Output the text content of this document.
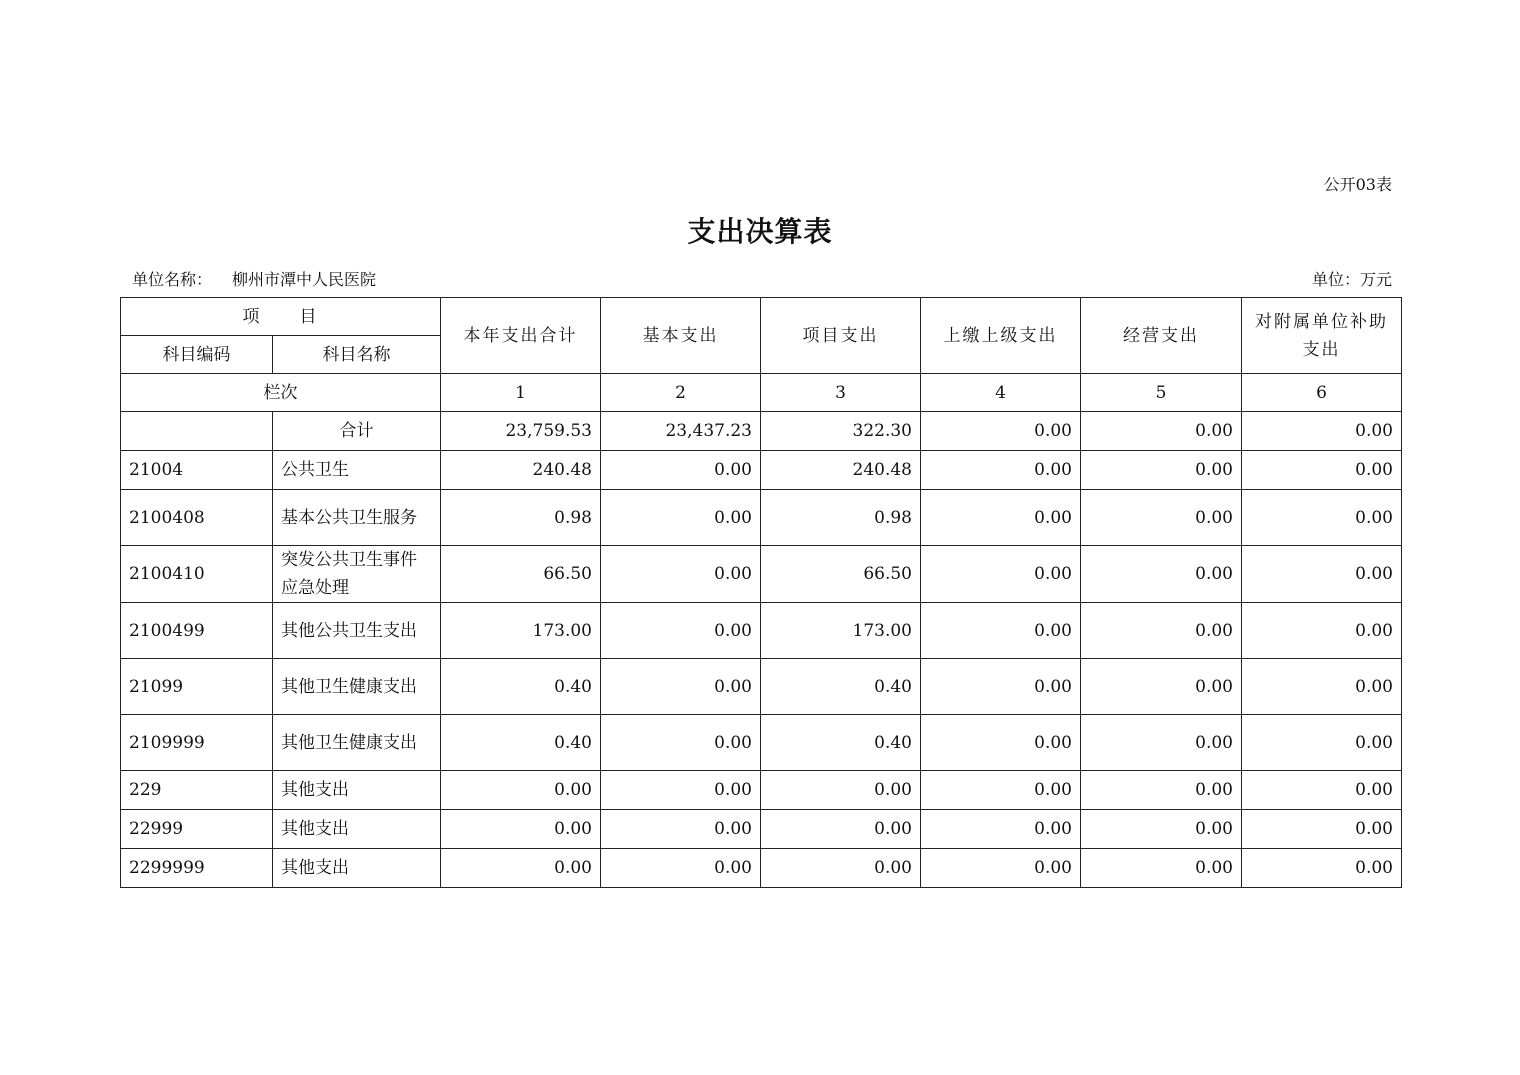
公开03表
支出决算表
单位名称： 柳州市潭中人民医院	单位：万元
项　　目		本年支出合计	基本支出	项目支出	上缴上级支出	经营支出	对附属单位补助支出
科目编码	科目名称						
栏次		1	2	3	4	5	6
	合计	23,759.53	23,437.23	322.30	0.00	0.00	0.00
21004	公共卫生	240.48	0.00	240.48	0.00	0.00	0.00
2100408	基本公共卫生服务	0.98	0.00	0.98	0.00	0.00	0.00
2100410	突发公共卫生事件应急处理	66.50	0.00	66.50	0.00	0.00	0.00
2100499	其他公共卫生支出	173.00	0.00	173.00	0.00	0.00	0.00
21099	其他卫生健康支出	0.40	0.00	0.40	0.00	0.00	0.00
2109999	其他卫生健康支出	0.40	0.00	0.40	0.00	0.00	0.00
229	其他支出	0.00	0.00	0.00	0.00	0.00	0.00
22999	其他支出	0.00	0.00	0.00	0.00	0.00	0.00
2299999	其他支出	0.00	0.00	0.00	0.00	0.00	0.00
